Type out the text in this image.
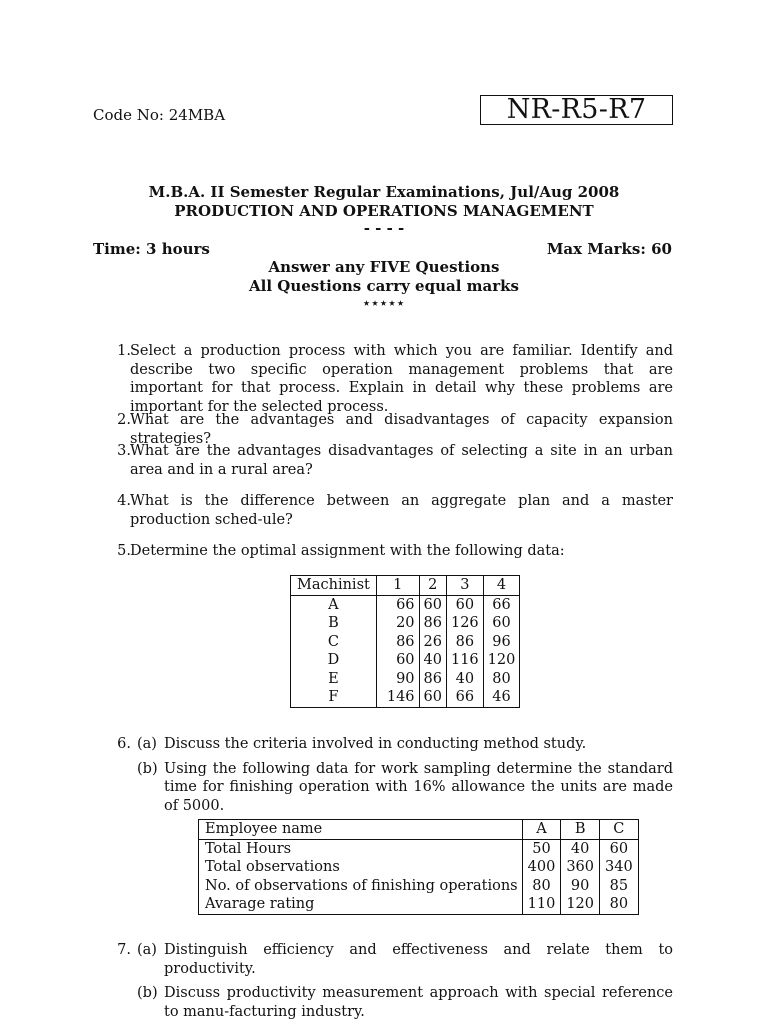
Code No: 24MBA	NR-R5-R7
M.B.A. II Semester Regular Examinations, Jul/Aug 2008
PRODUCTION AND OPERATIONS MANAGEMENT
- - - -
Time: 3 hours	Max Marks: 60
Answer any FIVE Questions
All Questions carry equal marks
⋆⋆⋆⋆⋆
1. Select a production process with which you are familiar. Identify and describe two specific operation management problems that are important for that process. Explain in detail why these problems are important for the selected process.
2. What are the advantages and disadvantages of capacity expansion strategies?
3. What are the advantages disadvantages of selecting a site in an urban area and in a rural area?
4. What is the difference between an aggregate plan and a master production sched-ule?
5. Determine the optimal assignment with the following data:
Machinist	1	2	3	4
A	66	60	60	66
B	20	86	126	60
C	86	26	86	96
D	60	40	116	120
E	90	86	40	80
F	146	60	66	46
6. (a) Discuss the criteria involved in conducting method study.
(b) Using the following data for work sampling determine the standard time for finishing operation with 16% allowance the units are made of 5000.
Employee name	A	B	C
Total Hours	50	40	60
Total observations	400	360	340
No. of observations of finishing operations	80	90	85
Avarage rating	110	120	80
7. (a) Distinguish efficiency and effectiveness and relate them to productivity.
(b) Discuss productivity measurement approach with special reference to manu-facturing industry.
